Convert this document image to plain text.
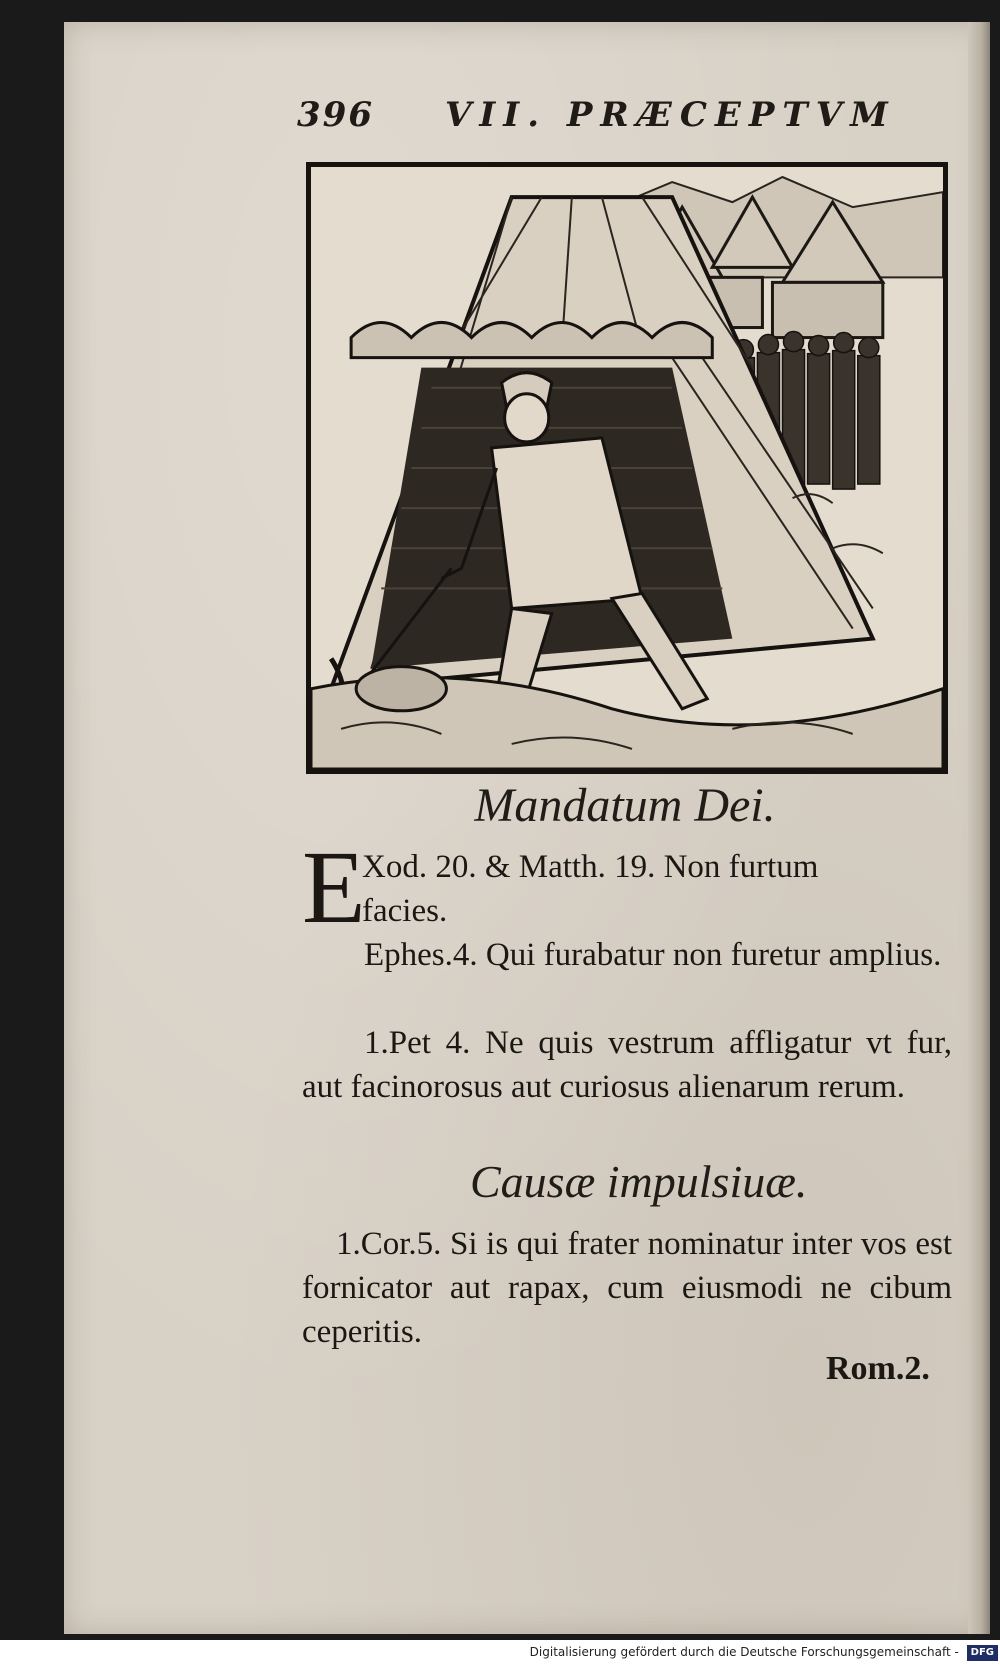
396 VII. PRÆCEPTVM
Mandatum Dei.
E
Xod. 20. & Matth. 19. Non furtum
facies.
Ephes.4. Qui furabatur non furetur amplius.
1.Pet 4. Ne quis vestrum affligatur vt fur, aut facinorosus aut curiosus alienarum rerum.
Causæ impulsiuæ.
1.Cor.5. Si is qui frater nominatur inter vos est fornicator aut rapax, cum eiusmodi ne cibum ceperitis.
Rom.2.
Digitalisierung gefördert durch die Deutsche Forschungsgemeinschaft - DFG
